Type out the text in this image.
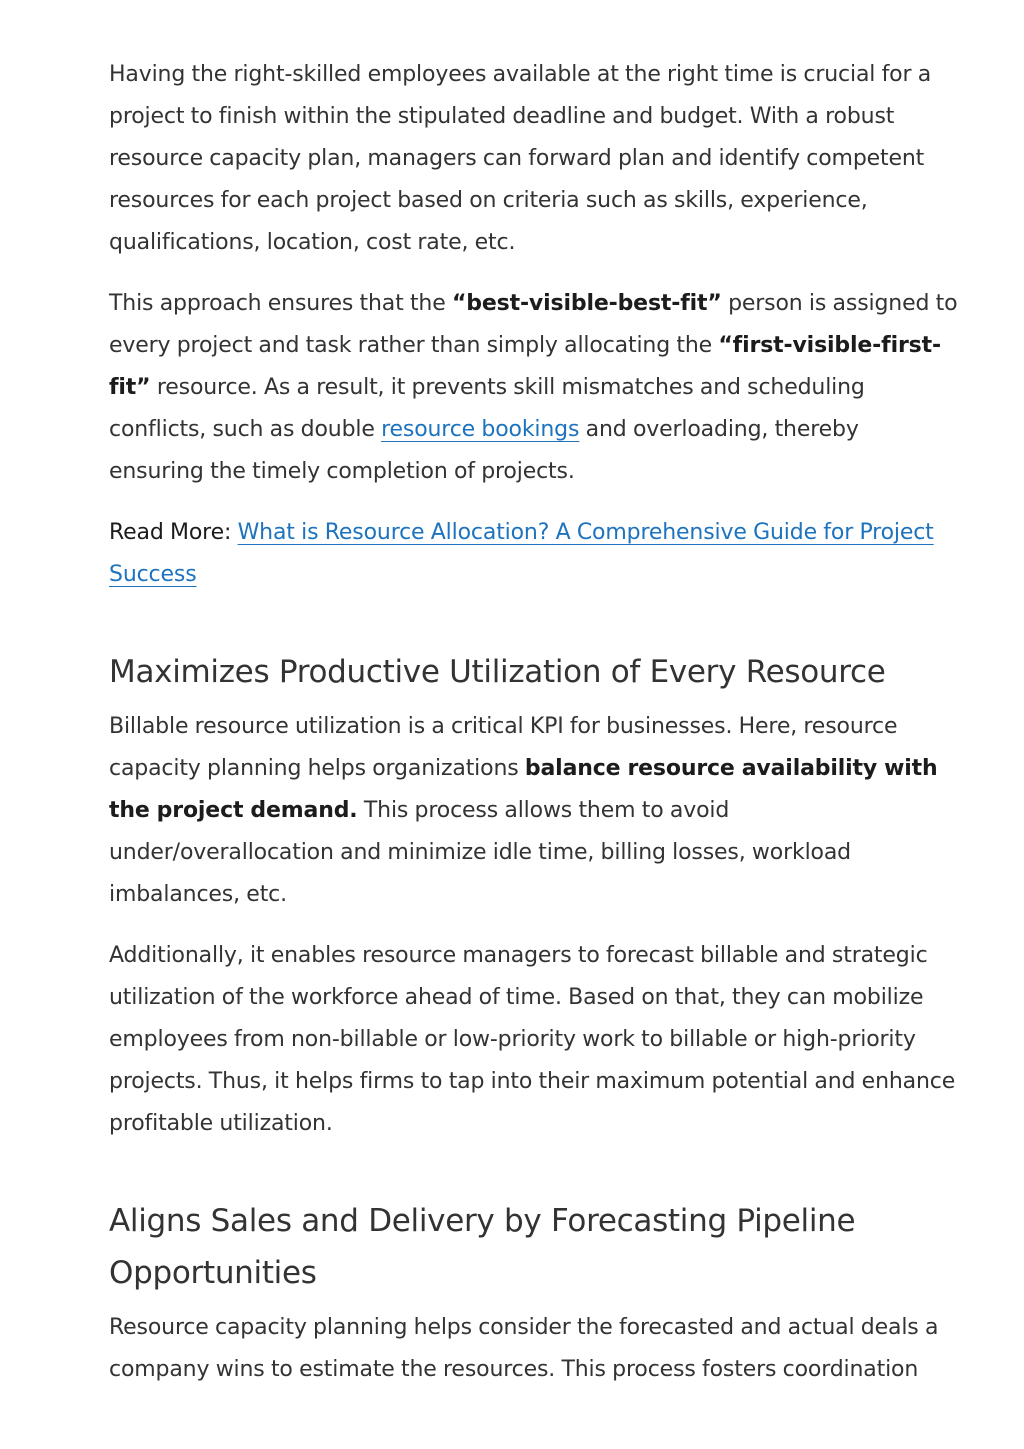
Having the right-skilled employees available at the right time is crucial for a project to finish within the stipulated deadline and budget. With a robust resource capacity plan, managers can forward plan and identify competent resources for each project based on criteria such as skills, experience, qualifications, location, cost rate, etc.

This approach ensures that the “best-visible-best-fit” person is assigned to every project and task rather than simply allocating the “first-visible-first-fit” resource. As a result, it prevents skill mismatches and scheduling conflicts, such as double resource bookings and overloading, thereby ensuring the timely completion of projects.

Read More: What is Resource Allocation? A Comprehensive Guide for Project Success

Maximizes Productive Utilization of Every Resource

Billable resource utilization is a critical KPI for businesses. Here, resource capacity planning helps organizations balance resource availability with the project demand. This process allows them to avoid under/overallocation and minimize idle time, billing losses, workload imbalances, etc.

Additionally, it enables resource managers to forecast billable and strategic utilization of the workforce ahead of time. Based on that, they can mobilize employees from non-billable or low-priority work to billable or high-priority projects. Thus, it helps firms to tap into their maximum potential and enhance profitable utilization.

Aligns Sales and Delivery by Forecasting Pipeline Opportunities

Resource capacity planning helps consider the forecasted and actual deals a company wins to estimate the resources. This process fosters coordination
